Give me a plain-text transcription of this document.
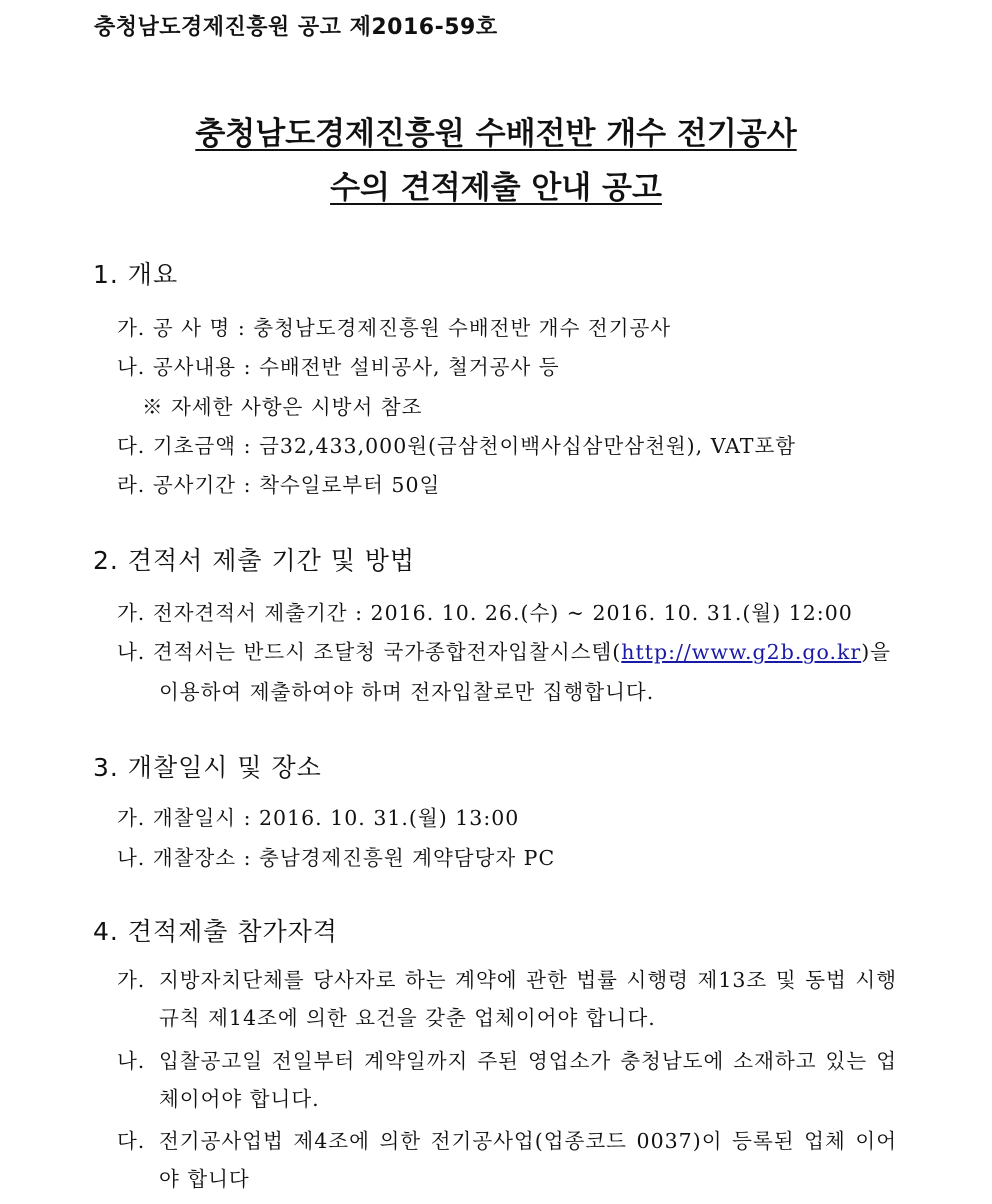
충청남도경제진흥원 공고 제2016-59호
충청남도경제진흥원 수배전반 개수 전기공사
수의 견적제출 안내 공고
1. 개요
가. 공 사 명 : 충청남도경제진흥원 수배전반 개수 전기공사
나. 공사내용 : 수배전반 설비공사, 철거공사 등
※ 자세한 사항은 시방서 참조
다. 기초금액 : 금32,433,000원(금삼천이백사십삼만삼천원), VAT포함
라. 공사기간 : 착수일로부터 50일
2. 견적서 제출 기간 및 방법
가. 전자견적서 제출기간 : 2016. 10. 26.(수) ~ 2016. 10. 31.(월) 12:00
나. 견적서는 반드시 조달청 국가종합전자입찰시스템(http://www.g2b.go.kr)을
이용하여 제출하여야 하며 전자입찰로만 집행합니다.
3. 개찰일시 및 장소
가. 개찰일시 : 2016. 10. 31.(월) 13:00
나. 개찰장소 : 충남경제진흥원 계약담당자 PC
4. 견적제출 참가자격
가. 지방자치단체를 당사자로 하는 계약에 관한 법률 시행령 제13조 및 동법 시행규칙 제14조에 의한 요건을 갖춘 업체이어야 합니다.
나. 입찰공고일 전일부터 계약일까지 주된 영업소가 충청남도에 소재하고 있는 업체이어야 합니다.
다. 전기공사업법 제4조에 의한 전기공사업(업종코드 0037)이 등록된 업체 이어야 합니다
